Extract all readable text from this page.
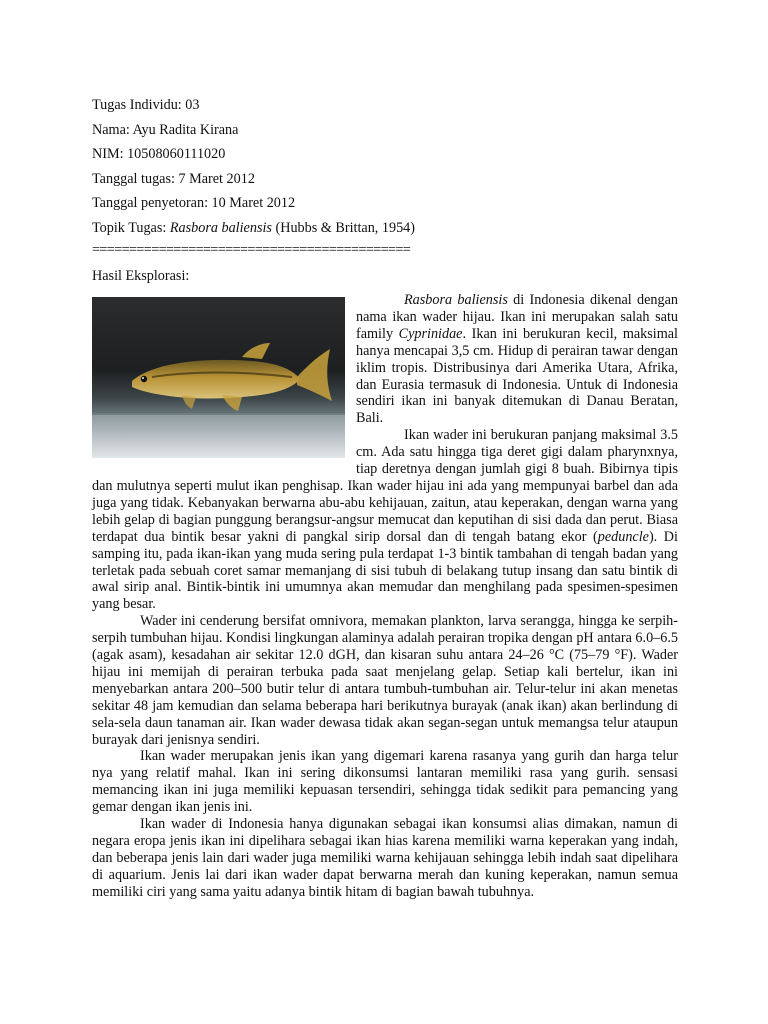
Tugas Individu: 03
Nama: Ayu Radita Kirana
NIM: 10508060111020
Tanggal tugas: 7 Maret 2012
Tanggal penyetoran: 10 Maret 2012
Topik Tugas: Rasbora baliensis (Hubbs & Brittan, 1954)
===========================================
Hasil Eksplorasi:

Rasbora baliensis di Indonesia dikenal dengan nama ikan wader hijau. Ikan ini merupakan salah satu family Cyprinidae. Ikan ini berukuran kecil, maksimal hanya mencapai 3,5 cm. Hidup di perairan tawar dengan iklim tropis. Distribusinya dari Amerika Utara, Afrika, dan Eurasia termasuk di Indonesia. Untuk di Indonesia sendiri ikan ini banyak ditemukan di Danau Beratan, Bali.

Ikan wader ini berukuran panjang maksimal 3.5 cm. Ada satu hingga tiga deret gigi dalam pharynxnya, tiap deretnya dengan jumlah gigi 8 buah. Bibirnya tipis dan mulutnya seperti mulut ikan penghisap. Ikan wader hijau ini ada yang mempunyai barbel dan ada juga yang tidak. Kebanyakan berwarna abu-abu kehijauan, zaitun, atau keperakan, dengan warna yang lebih gelap di bagian punggung berangsur-angsur memucat dan keputihan di sisi dada dan perut. Biasa terdapat dua bintik besar yakni di pangkal sirip dorsal dan di tengah batang ekor (peduncle). Di samping itu, pada ikan-ikan yang muda sering pula terdapat 1-3 bintik tambahan di tengah badan yang terletak pada sebuah coret samar memanjang di sisi tubuh di belakang tutup insang dan satu bintik di awal sirip anal. Bintik-bintik ini umumnya akan memudar dan menghilang pada spesimen-spesimen yang besar.

Wader ini cenderung bersifat omnivora, memakan plankton, larva serangga, hingga ke serpih-serpih tumbuhan hijau. Kondisi lingkungan alaminya adalah perairan tropika dengan pH antara 6.0–6.5 (agak asam), kesadahan air sekitar 12.0 dGH, dan kisaran suhu antara 24–26 °C (75–79 °F). Wader hijau ini memijah di perairan terbuka pada saat menjelang gelap. Setiap kali bertelur, ikan ini menyebarkan antara 200–500 butir telur di antara tumbuh-tumbuhan air. Telur-telur ini akan menetas sekitar 48 jam kemudian dan selama beberapa hari berikutnya burayak (anak ikan) akan berlindung di sela-sela daun tanaman air. Ikan wader dewasa tidak akan segan-segan untuk memangsa telur ataupun burayak dari jenisnya sendiri.

Ikan wader merupakan jenis ikan yang digemari karena rasanya yang gurih dan harga telur nya yang relatif mahal. Ikan ini sering dikonsumsi lantaran memiliki rasa yang gurih. sensasi memancing ikan ini juga memiliki kepuasan tersendiri, sehingga tidak sedikit para pemancing yang gemar dengan ikan jenis ini.

Ikan wader di Indonesia hanya digunakan sebagai ikan konsumsi alias dimakan, namun di negara eropa jenis ikan ini dipelihara sebagai ikan hias karena memiliki warna keperakan yang indah, dan beberapa jenis lain dari wader juga memiliki warna kehijauan sehingga lebih indah saat dipelihara di aquarium. Jenis lai dari ikan wader dapat berwarna merah dan kuning keperakan, namun semua memiliki ciri yang sama yaitu adanya bintik hitam di bagian bawah tubuhnya.
